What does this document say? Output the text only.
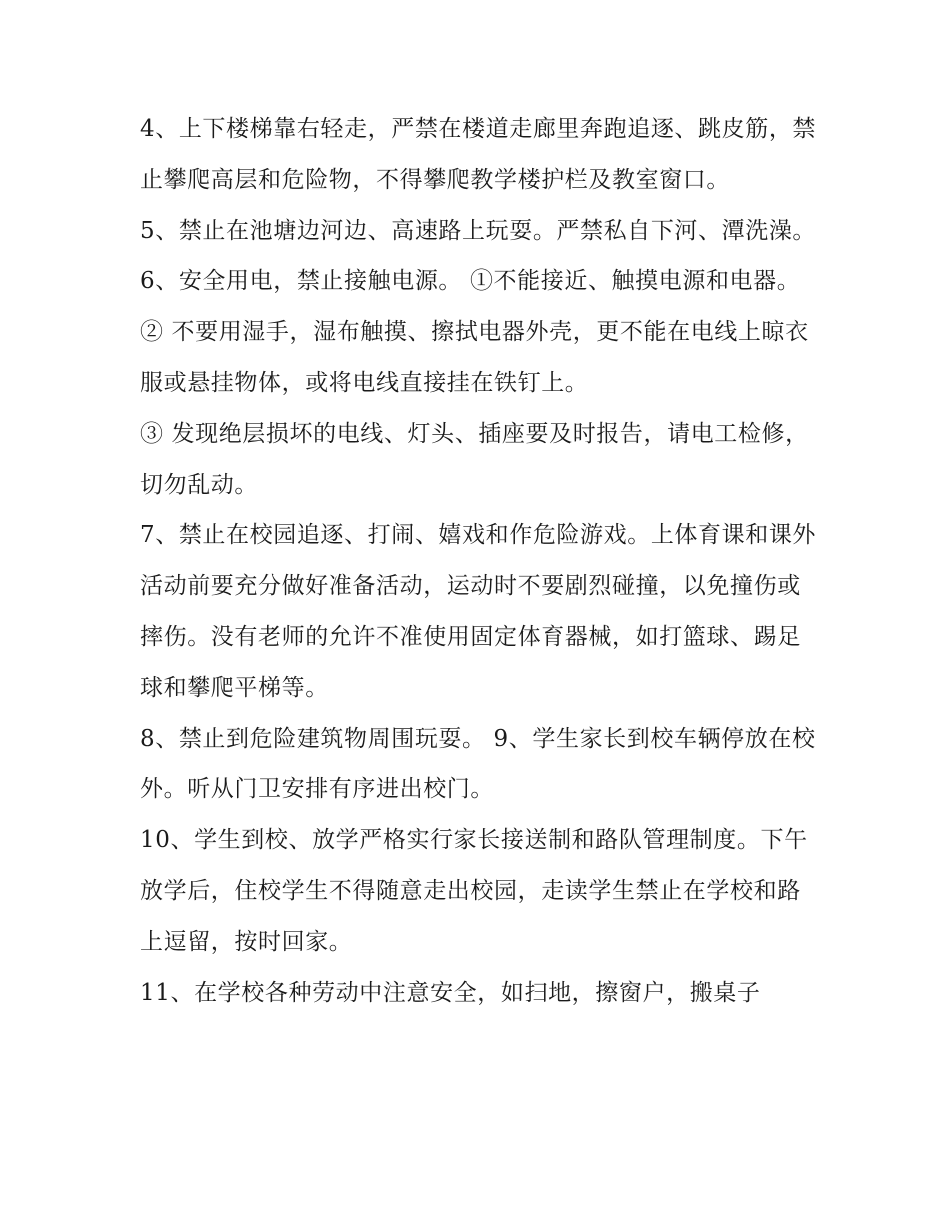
4、上下楼梯靠右轻走，严禁在楼道走廊里奔跑追逐、跳皮筋，禁止攀爬高层和危险物，不得攀爬教学楼护栏及教室窗口。

5、禁止在池塘边河边、高速路上玩耍。严禁私自下河、潭洗澡。 6、安全用电，禁止接触电源。 ①不能接近、触摸电源和电器。

② 不要用湿手，湿布触摸、擦拭电器外壳，更不能在电线上晾衣服或悬挂物体，或将电线直接挂在铁钉上。

③ 发现绝层损坏的电线、灯头、插座要及时报告，请电工检修，切勿乱动。

7、禁止在校园追逐、打闹、嬉戏和作危险游戏。上体育课和课外活动前要充分做好准备活动，运动时不要剧烈碰撞，以免撞伤或摔伤。没有老师的允许不准使用固定体育器械，如打篮球、踢足球和攀爬平梯等。

8、禁止到危险建筑物周围玩耍。 9、学生家长到校车辆停放在校外。听从门卫安排有序进出校门。

10、学生到校、放学严格实行家长接送制和路队管理制度。下午放学后，住校学生不得随意走出校园，走读学生禁止在学校和路上逗留，按时回家。

11、在学校各种劳动中注意安全，如扫地，擦窗户，搬桌子
